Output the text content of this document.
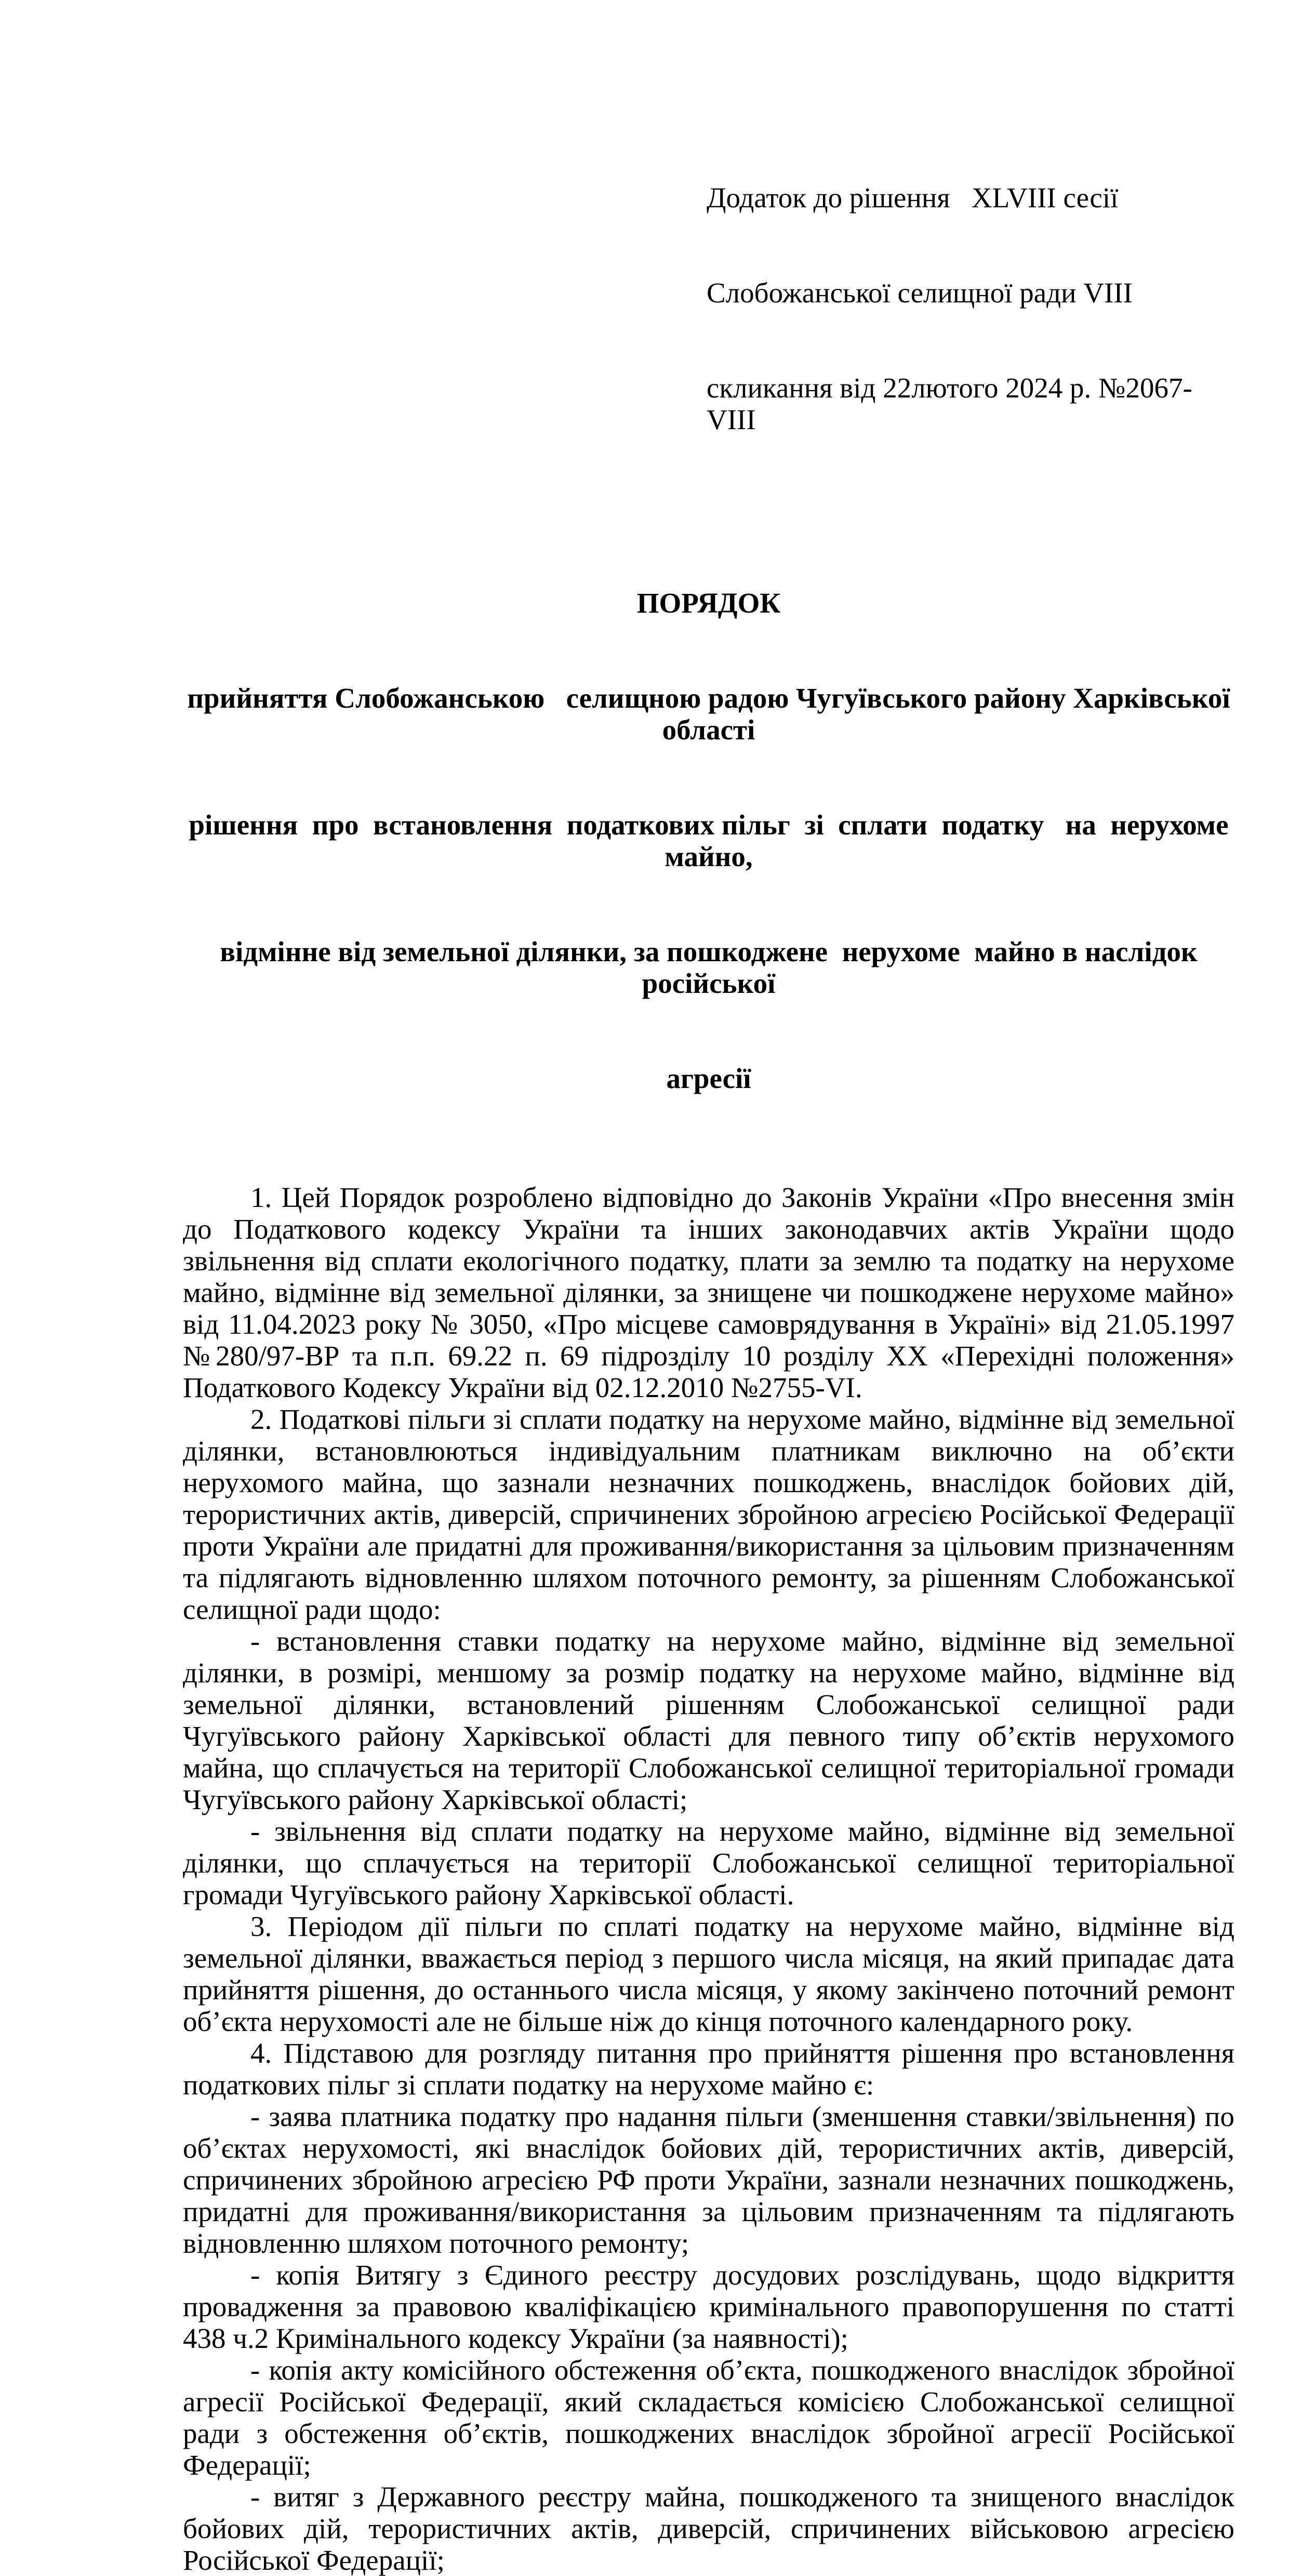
Додаток до рішення   XLVIII сесії

Слобожанської селищної ради VIII

скликання від 22лютого 2024 р. №2067-VIII

ПОРЯДОК

прийняття Слобожанською   селищною радою Чугуївського району Харківської області

рішення  про  встановлення  податкових пільг  зі  сплати  податку   на  нерухоме майно,

відмінне від земельної ділянки, за пошкоджене  нерухоме  майно в наслідок російської

агресії

1. Цей Порядок розроблено відповідно до Законів України «Про внесення змін до Податкового кодексу України та інших законодавчих актів України щодо звільнення від сплати екологічного податку, плати за землю та податку на нерухоме майно, відмінне від земельної ділянки, за знищене чи пошкоджене нерухоме майно» від 11.04.2023 року № 3050, «Про місцеве самоврядування в Україні» від 21.05.1997 №280/97-ВР та п.п. 69.22 п. 69 підрозділу 10 розділу ХХ «Перехідні положення» Податкового Кодексу України від 02.12.2010 №2755-VI.

2. Податкові пільги зі сплати податку на нерухоме майно, відмінне від земельної ділянки, встановлюються індивідуальним платникам виключно на об’єкти нерухомого майна, що зазнали незначних пошкоджень, внаслідок бойових дій, терористичних актів, диверсій, спричинених збройною агресією Російської Федерації проти України але придатні для проживання/використання за цільовим призначенням та підлягають відновленню шляхом поточного ремонту, за рішенням Слобожанської селищної ради щодо:

- встановлення ставки податку на нерухоме майно, відмінне від земельної ділянки, в розмірі, меншому за розмір податку на нерухоме майно, відмінне від земельної ділянки, встановлений рішенням Слобожанської селищної ради Чугуївського району Харківської області для певного типу об’єктів нерухомого майна, що сплачується на території Слобожанської селищної територіальної громади Чугуївського району Харківської області;

- звільнення від сплати податку на нерухоме майно, відмінне від земельної ділянки, що сплачується на території Слобожанської селищної територіальної громади Чугуївського району Харківської області.

3. Періодом дії пільги по сплаті податку на нерухоме майно, відмінне від земельної ділянки, вважається період з першого числа місяця, на який припадає дата прийняття рішення, до останнього числа місяця, у якому закінчено поточний ремонт об’єкта нерухомості але не більше ніж до кінця поточного календарного року.

4. Підставою для розгляду питання про прийняття рішення про встановлення податкових пільг зі сплати податку на нерухоме майно є:

- заява платника податку про надання пільги (зменшення ставки/звільнення) по об’єктах нерухомості, які внаслідок бойових дій, терористичних актів, диверсій, спричинених збройною агресією РФ проти України, зазнали незначних пошкоджень, придатні для проживання/використання за цільовим призначенням та підлягають відновленню шляхом поточного ремонту;

- копія Витягу з Єдиного реєстру досудових розслідувань, щодо відкриття провадження за правовою кваліфікацією кримінального правопорушення по статті 438 ч.2 Кримінального кодексу України (за наявності);

- копія акту комісійного обстеження об’єкта, пошкодженого внаслідок збройної агресії Російської Федерації, який складається комісією Слобожанської селищної ради з обстеження об’єктів, пошкоджених внаслідок збройної агресії Російської Федерації;

- витяг з Державного реєстру майна, пошкодженого та знищеного внаслідок бойових дій, терористичних актів, диверсій, спричинених військовою агресією Російської Федерації;
